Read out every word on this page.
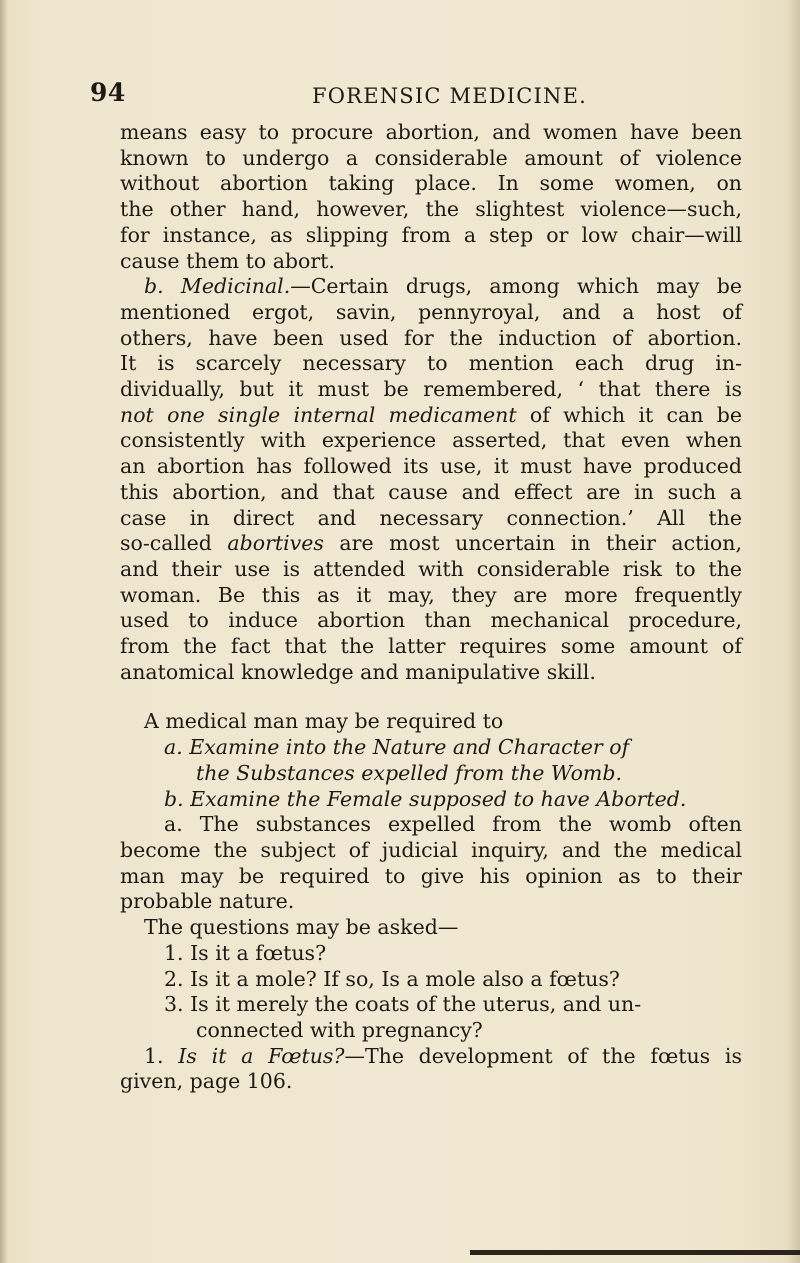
94	FORENSIC MEDICINE.
means easy to procure abortion, and women have been
known to undergo a considerable amount of violence
without abortion taking place. In some women, on
the other hand, however, the slightest violence—such,
for instance, as slipping from a step or low chair—will
cause them to abort.
b. Medicinal.—Certain drugs, among which may be
mentioned ergot, savin, pennyroyal, and a host of
others, have been used for the induction of abortion.
It is scarcely necessary to mention each drug in-
dividually, but it must be remembered, ‘ that there is
not one single internal medicament of which it can be
consistently with experience asserted, that even when
an abortion has followed its use, it must have produced
this abortion, and that cause and effect are in such a
case in direct and necessary connection.’ All the
so-called abortives are most uncertain in their action,
and their use is attended with considerable risk to the
woman. Be this as it may, they are more frequently
used to induce abortion than mechanical procedure,
from the fact that the latter requires some amount of
anatomical knowledge and manipulative skill.
A medical man may be required to
a. Examine into the Nature and Character of
the Substances expelled from the Womb.
b. Examine the Female supposed to have Aborted.
a. The substances expelled from the womb often
become the subject of judicial inquiry, and the medical
man may be required to give his opinion as to their
probable nature.
The questions may be asked—
1. Is it a fœtus?
2. Is it a mole? If so, Is a mole also a fœtus?
3. Is it merely the coats of the uterus, and un-
connected with pregnancy?
1. Is it a Fœtus?—The development of the fœtus is
given, page 106.
